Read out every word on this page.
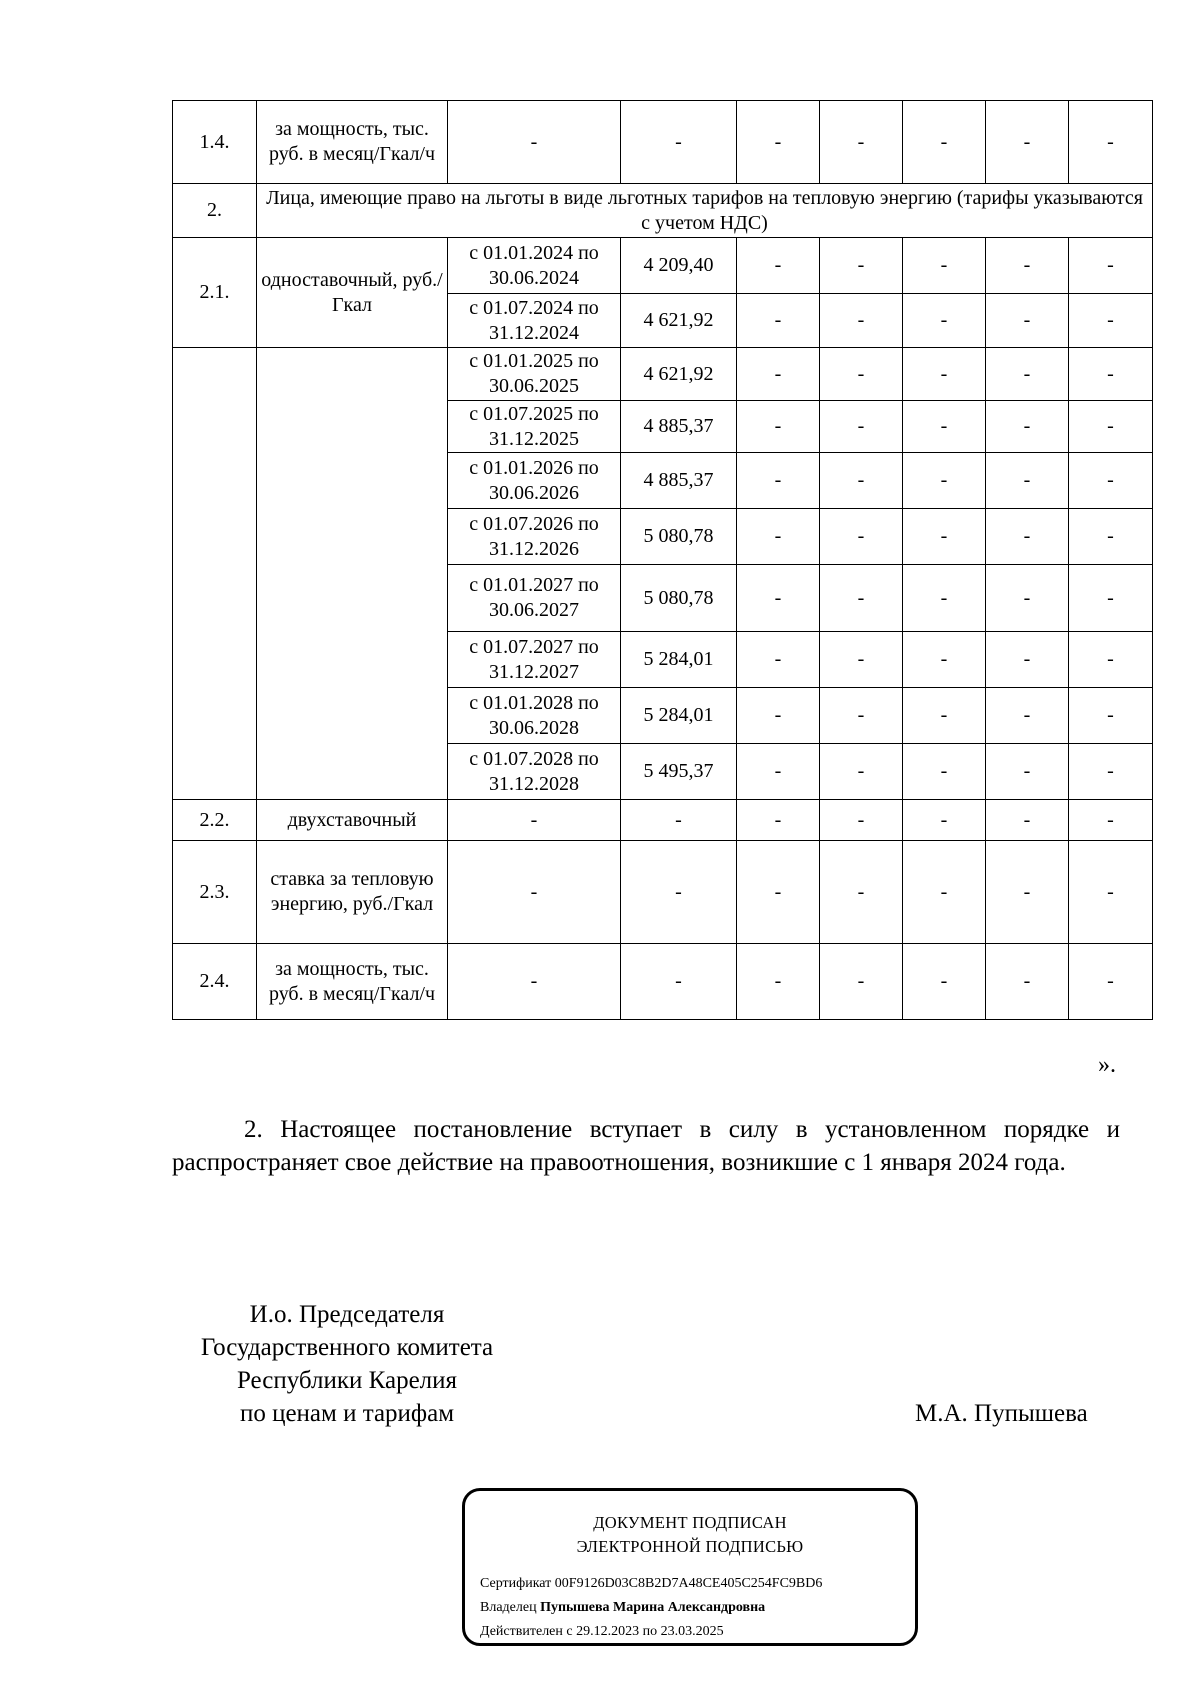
1.4.	за мощность, тыс. руб. в месяц/Гкал/ч	-	-	-	-	-	-	-
2.	Лица, имеющие право на льготы в виде льготных тарифов на тепловую энергию (тарифы указываются с учетом НДС)							
2.1.	одноставочный, руб./Гкал	с 01.01.2024 по 30.06.2024	4 209,40	-	-	-	-	-
		с 01.07.2024 по 31.12.2024	4 621,92	-	-	-	-	-
		с 01.01.2025 по 30.06.2025	4 621,92	-	-	-	-	-
		с 01.07.2025 по 31.12.2025	4 885,37	-	-	-	-	-
		с 01.01.2026 по 30.06.2026	4 885,37	-	-	-	-	-
		с 01.07.2026 по 31.12.2026	5 080,78	-	-	-	-	-
		с 01.01.2027 по 30.06.2027	5 080,78	-	-	-	-	-
		с 01.07.2027 по 31.12.2027	5 284,01	-	-	-	-	-
		с 01.01.2028 по 30.06.2028	5 284,01	-	-	-	-	-
		с 01.07.2028 по 31.12.2028	5 495,37	-	-	-	-	-
2.2.	двухставочный	-	-	-	-	-	-	-
2.3.	ставка за тепловую энергию, руб./Гкал	-	-	-	-	-	-	-
2.4.	за мощность, тыс. руб. в месяц/Гкал/ч	-	-	-	-	-	-	-
».

2. Настоящее постановление вступает в силу в установленном порядке и распространяет свое действие на правоотношения, возникшие с 1 января 2024 года.

И.о. Председателя
Государственного комитета
Республики Карелия
по ценам и тарифам	М.А. Пупышева
ДОКУМЕНТ ПОДПИСАН
ЭЛЕКТРОННОЙ ПОДПИСЬЮ
Сертификат 00F9126D03C8B2D7A48CE405C254FC9BD6
Владелец Пупышева Марина Александровна
Действителен с 29.12.2023 по 23.03.2025
